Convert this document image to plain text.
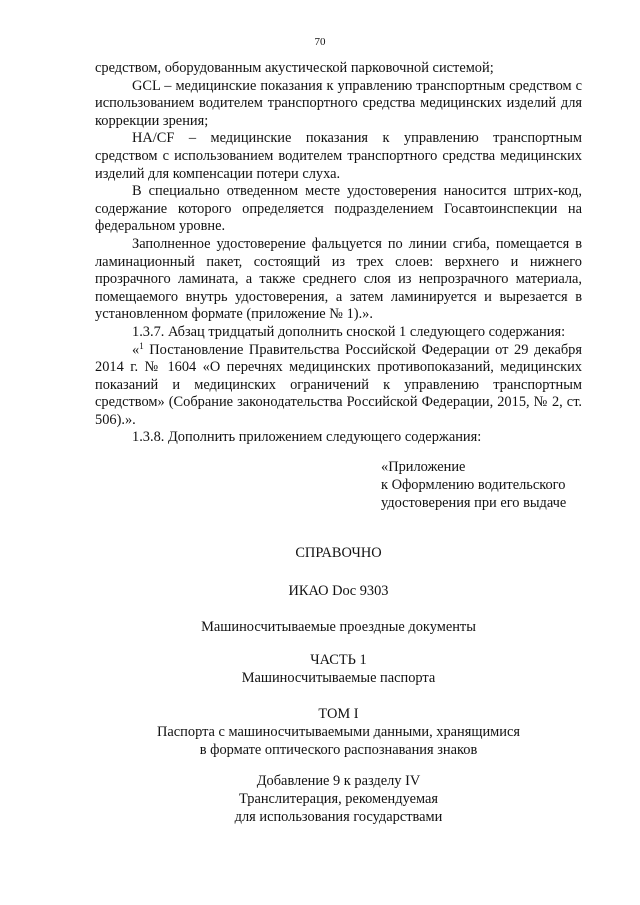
70

средством, оборудованным акустической парковочной системой;

GCL – медицинские показания к управлению транспортным средством с использованием водителем транспортного средства медицинских изделий для коррекции зрения;

HA/CF – медицинские показания к управлению транспортным средством с использованием водителем транспортного средства медицинских изделий для компенсации потери слуха.

В специально отведенном месте удостоверения наносится штрих-код, содержание которого определяется подразделением Госавтоинспекции на федеральном уровне.

Заполненное удостоверение фальцуется по линии сгиба, помещается в ламинационный пакет, состоящий из трех слоев: верхнего и нижнего прозрачного ламината, а также среднего слоя из непрозрачного материала, помещаемого внутрь удостоверения, а затем ламинируется и вырезается в установленном формате (приложение № 1).».

1.3.7. Абзац тридцатый дополнить сноской 1 следующего содержания:

«$^1$ Постановление Правительства Российской Федерации от 29 декабря 2014 г. № 1604 «О перечнях медицинских противопоказаний, медицинских показаний и медицинских ограничений к управлению транспортным средством» (Собрание законодательства Российской Федерации, 2015, № 2, ст. 506).».

1.3.8. Дополнить приложением следующего содержания:

«Приложение
к Оформлению водительского
удостоверения при его выдаче
СПРАВОЧНО
ИКАО Doc 9303
Машиносчитываемые проездные документы
ЧАСТЬ 1
Машиносчитываемые паспорта
ТОМ I
Паспорта с машиносчитываемыми данными, хранящимися
в формате оптического распознавания знаков
Добавление 9 к разделу IV
Транслитерация, рекомендуемая
для использования государствами
